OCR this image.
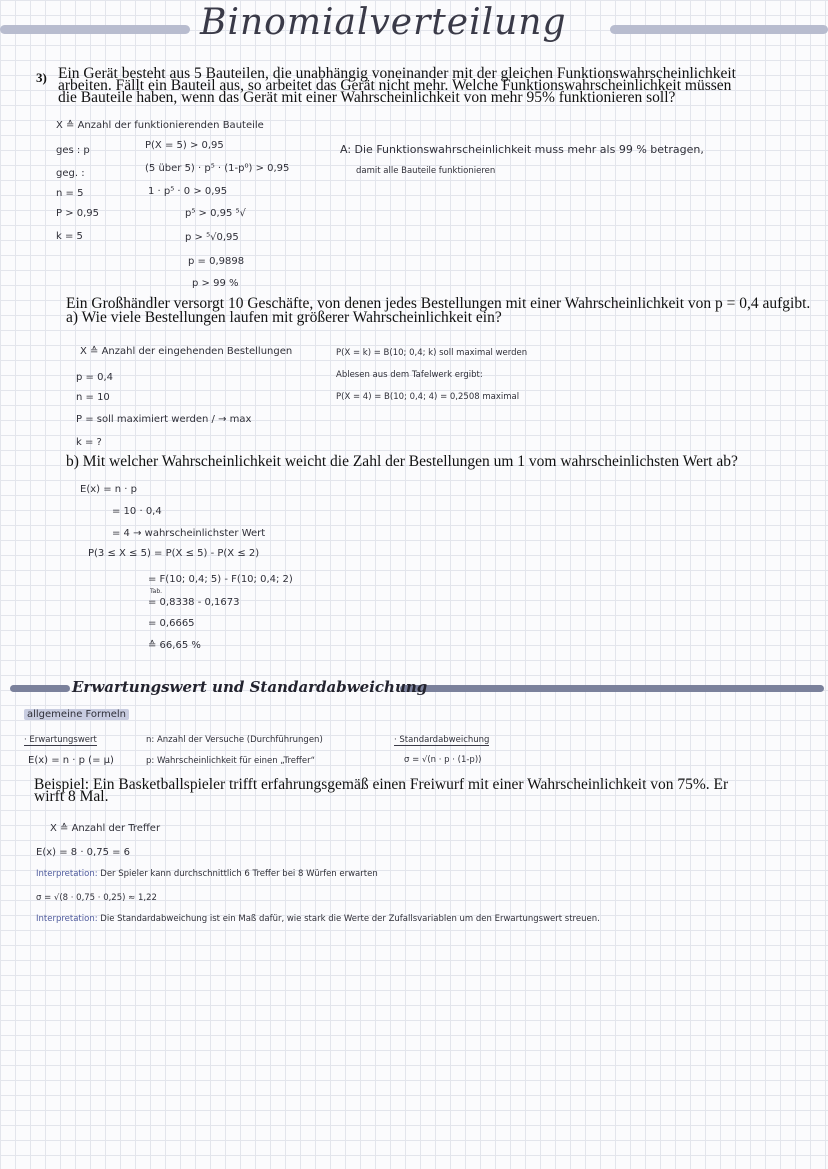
Binomialverteilung
3) Ein Gerät besteht aus 5 Bauteilen, die unabhängig voneinander mit der gleichen Funktionswahrscheinlichkeit
arbeiten. Fällt ein Bauteil aus, so arbeitet das Gerät nicht mehr. Welche Funktionswahrscheinlichkeit müssen
die Bauteile haben, wenn das Gerät mit einer Wahrscheinlichkeit von mehr 95% funktionieren soll?
X ≙ Anzahl der funktionierenden Bauteile
ges : p
geg. :
n = 5
P > 0,95
k = 5
P(X = 5) > 0,95
(5 über 5) · p⁵ · (1-p⁰) > 0,95
1 · p⁵ · 0 > 0,95
p⁵ > 0,95 ⁵√
p > ⁵√0,95
p = 0,9898
p > 99 %
A: Die Funktionswahrscheinlichkeit muss mehr als 99 % betragen,
damit alle Bauteile funktionieren
Ein Großhändler versorgt 10 Geschäfte, von denen jedes Bestellungen mit einer Wahrscheinlichkeit von p = 0,4 aufgibt.
a) Wie viele Bestellungen laufen mit größerer Wahrscheinlichkeit ein?
X ≙ Anzahl der eingehenden Bestellungen
p = 0,4
n = 10
P = soll maximiert werden / → max
k = ?
P(X = k) = B(10; 0,4; k) soll maximal werden
Ablesen aus dem Tafelwerk ergibt:
P(X = 4) = B(10; 0,4; 4) = 0,2508 maximal
b) Mit welcher Wahrscheinlichkeit weicht die Zahl der Bestellungen um 1 vom wahrscheinlichsten Wert ab?
E(x) = n · p
= 10 · 0,4
= 4 → wahrscheinlichster Wert
P(3 ≤ X ≤ 5) = P(X ≤ 5) - P(X ≤ 2)
= F(10; 0,4; 5) - F(10; 0,4; 2)
Tab.
= 0,8338 - 0,1673
= 0,6665
≙ 66,65 %
Erwartungswert und Standardabweichung
allgemeine Formeln
· Erwartungswert
E(x) = n · p (= μ)
n: Anzahl der Versuche (Durchführungen)
p: Wahrscheinlichkeit für einen „Treffer“
· Standardabweichung
σ = √(n · p · (1-p))
Beispiel: Ein Basketballspieler trifft erfahrungsgemäß einen Freiwurf mit einer Wahrscheinlichkeit von 75%. Er
wirft 8 Mal.
X ≙ Anzahl der Treffer
E(x) = 8 · 0,75 = 6
Interpretation: Der Spieler kann durchschnittlich 6 Treffer bei 8 Würfen erwarten
σ = √(8 · 0,75 · 0,25) ≈ 1,22
Interpretation: Die Standardabweichung ist ein Maß dafür, wie stark die Werte der Zufallsvariablen um den Erwartungswert streuen.
